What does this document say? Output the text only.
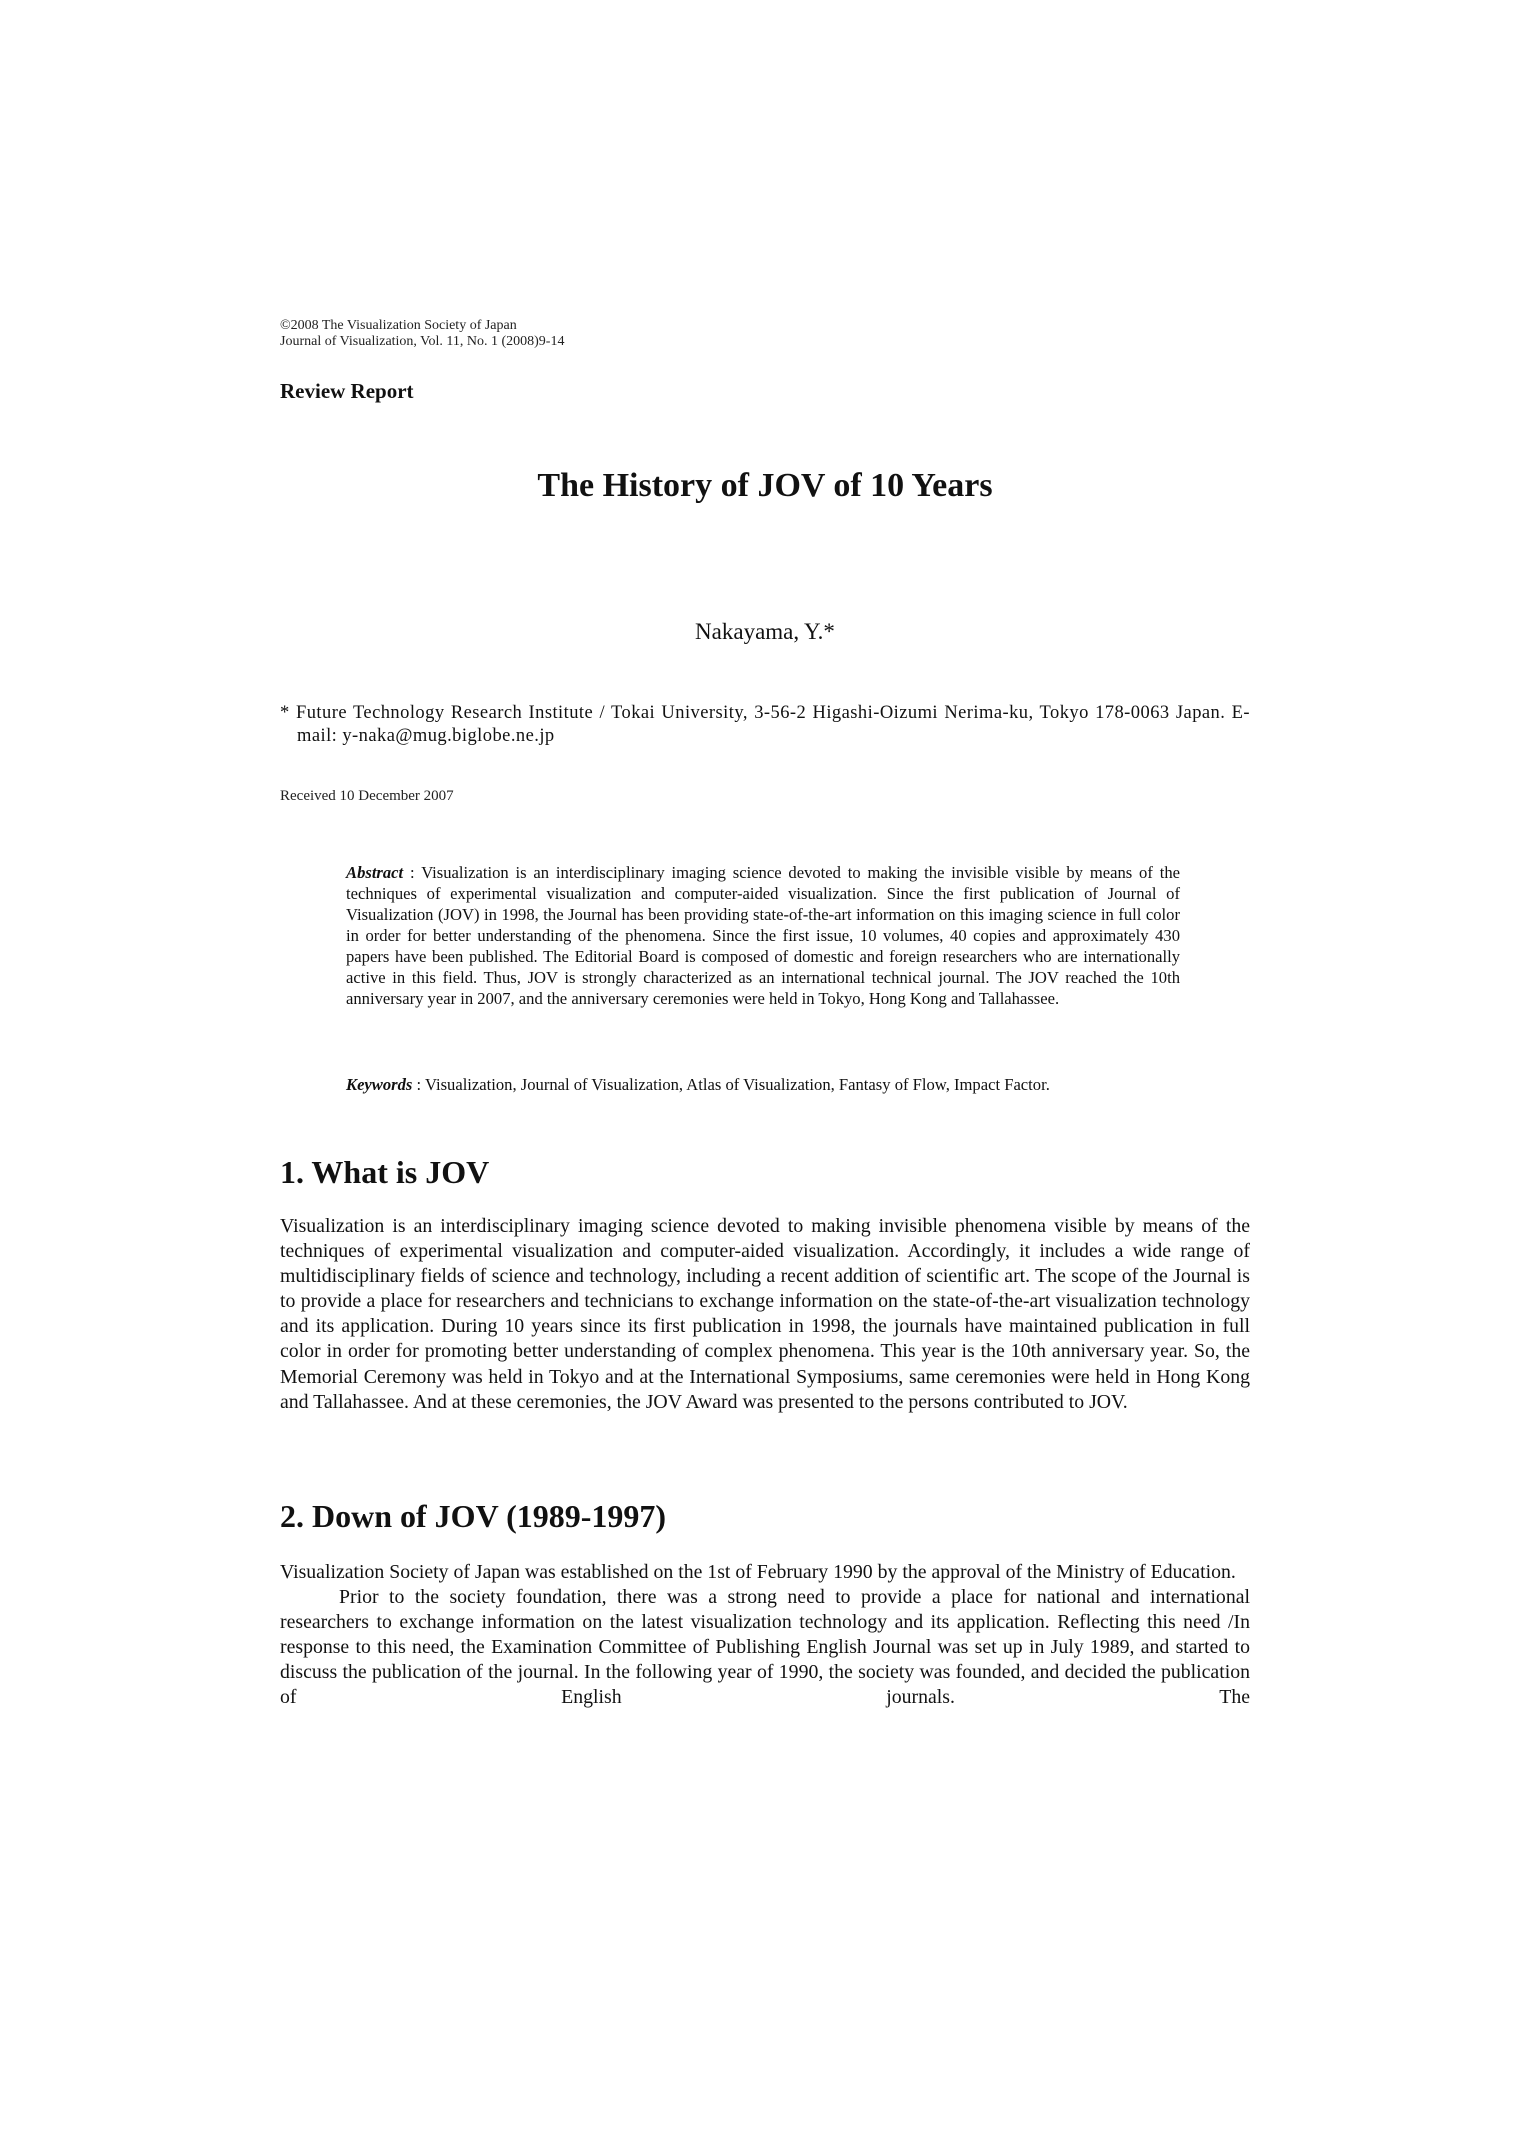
©2008 The Visualization Society of Japan
Journal of Visualization, Vol. 11, No. 1 (2008)9-14
Review Report
The History of JOV of 10 Years
Nakayama, Y.*
* Future Technology Research Institute / Tokai University, 3-56-2 Higashi-Oizumi Nerima-ku, Tokyo 178-0063 Japan. E-mail: y-naka@mug.biglobe.ne.jp
Received 10 December 2007
Abstract : Visualization is an interdisciplinary imaging science devoted to making the invisible visible by means of the techniques of experimental visualization and computer-aided visualization. Since the first publication of Journal of Visualization (JOV) in 1998, the Journal has been providing state-of-the-art information on this imaging science in full color in order for better understanding of the phenomena. Since the first issue, 10 volumes, 40 copies and approximately 430 papers have been published. The Editorial Board is composed of domestic and foreign researchers who are internationally active in this field. Thus, JOV is strongly characterized as an international technical journal. The JOV reached the 10th anniversary year in 2007, and the anniversary ceremonies were held in Tokyo, Hong Kong and Tallahassee.
Keywords : Visualization, Journal of Visualization, Atlas of Visualization, Fantasy of Flow, Impact Factor.
1. What is JOV

Visualization is an interdisciplinary imaging science devoted to making invisible phenomena visible by means of the techniques of experimental visualization and computer-aided visualization. Accordingly, it includes a wide range of multidisciplinary fields of science and technology, including a recent addition of scientific art. The scope of the Journal is to provide a place for researchers and technicians to exchange information on the state-of-the-art visualization technology and its application. During 10 years since its first publication in 1998, the journals have maintained publication in full color in order for promoting better understanding of complex phenomena. This year is the 10th anniversary year. So, the Memorial Ceremony was held in Tokyo and at the International Symposiums, same ceremonies were held in Hong Kong and Tallahassee. And at these ceremonies, the JOV Award was presented to the persons contributed to JOV.

2. Down of JOV (1989-1997)

Visualization Society of Japan was established on the 1st of February 1990 by the approval of the Ministry of Education.

Prior to the society foundation, there was a strong need to provide a place for national and international researchers to exchange information on the latest visualization technology and its application. Reflecting this need /In response to this need, the Examination Committee of Publishing English Journal was set up in July 1989, and started to discuss the publication of the journal. In the following year of 1990, the society was founded, and decided the publication of English journals. The
